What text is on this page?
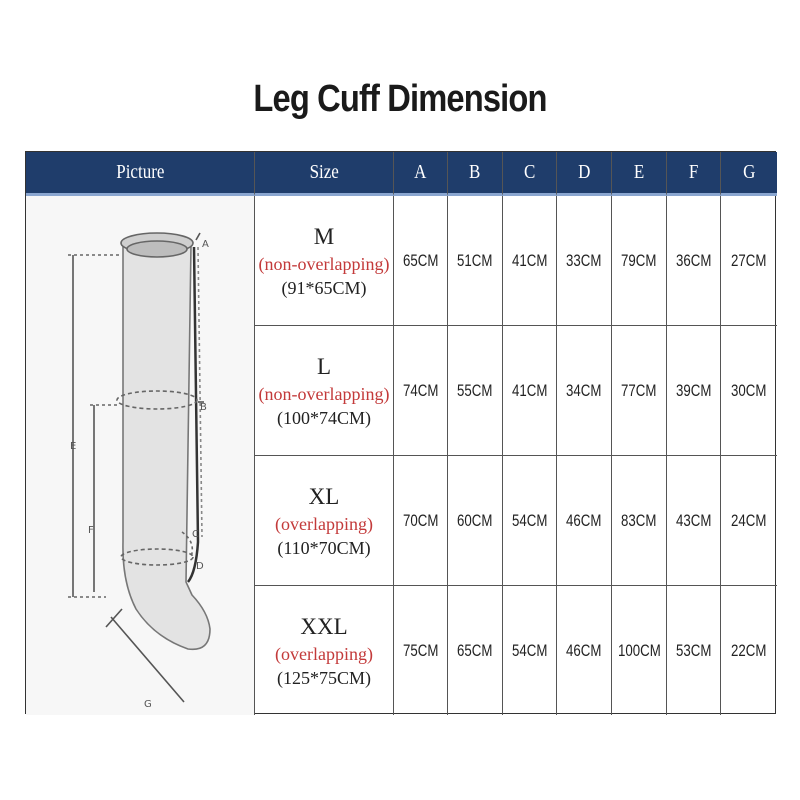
Leg Cuff Dimension
Picture	Size	A B C D E F G
A
B
C
D
E
F
G
M
(non-overlapping)
(91*65CM)
65CM 51CM 41CM 33CM 79CM 36CM 27CM
L
(non-overlapping)
(100*74CM)
74CM 55CM 41CM 34CM 77CM 39CM 30CM
XL
(overlapping)
(110*70CM)
70CM 60CM 54CM 46CM 83CM 43CM 24CM
XXL
(overlapping)
(125*75CM)
75CM 65CM 54CM 46CM 100CM 53CM 22CM
